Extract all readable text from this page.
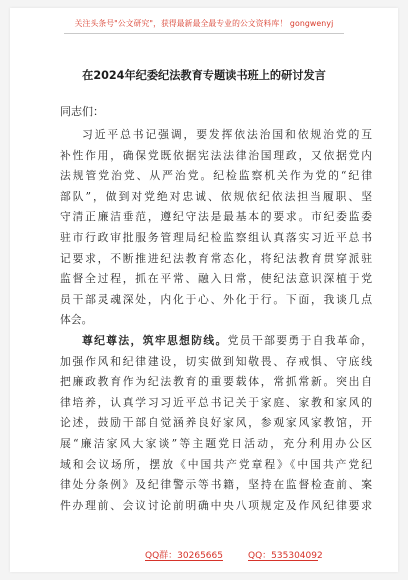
关注头条号"公文研究"，获得最新最全最专业的公文资料库！ gongwenyj
在2024年纪委纪法教育专题读书班上的研讨发言
同志们：
习近平总书记强调，要发挥依法治国和依规治党的互
补性作用，确保党既依据宪法法律治国理政，又依据党内
法规管党治党、从严治党。纪检监察机关作为党的“纪律
部队”，做到对党绝对忠诚、依规依纪依法担当履职、坚
守清正廉洁垂范，遵纪守法是最基本的要求。市纪委监委
驻市行政审批服务管理局纪检监察组认真落实习近平总书
记要求，不断推进纪法教育常态化，将纪法教育贯穿派驻
监督全过程，抓在平常、融入日常，使纪法意识深植于党
员干部灵魂深处，内化于心、外化于行。下面，我谈几点
体会。
尊纪尊法，筑牢思想防线。党员干部要勇于自我革命，
加强作风和纪律建设，切实做到知敬畏、存戒惧、守底线
把廉政教育作为纪法教育的重要载体，常抓常新。突出自
律培养，认真学习习近平总书记关于家庭、家教和家风的
论述，鼓励干部自觉涵养良好家风，参观家风家教馆，开
展“廉洁家风大家谈”等主题党日活动，充分利用办公区
域和会议场所，摆放《中国共产党章程》《中国共产党纪
律处分条例》及纪律警示等书籍，坚持在监督检查前、案
件办理前、会议讨论前明确中央八项规定及作风纪律要求
QQ群：30265665	QQ：535304092
